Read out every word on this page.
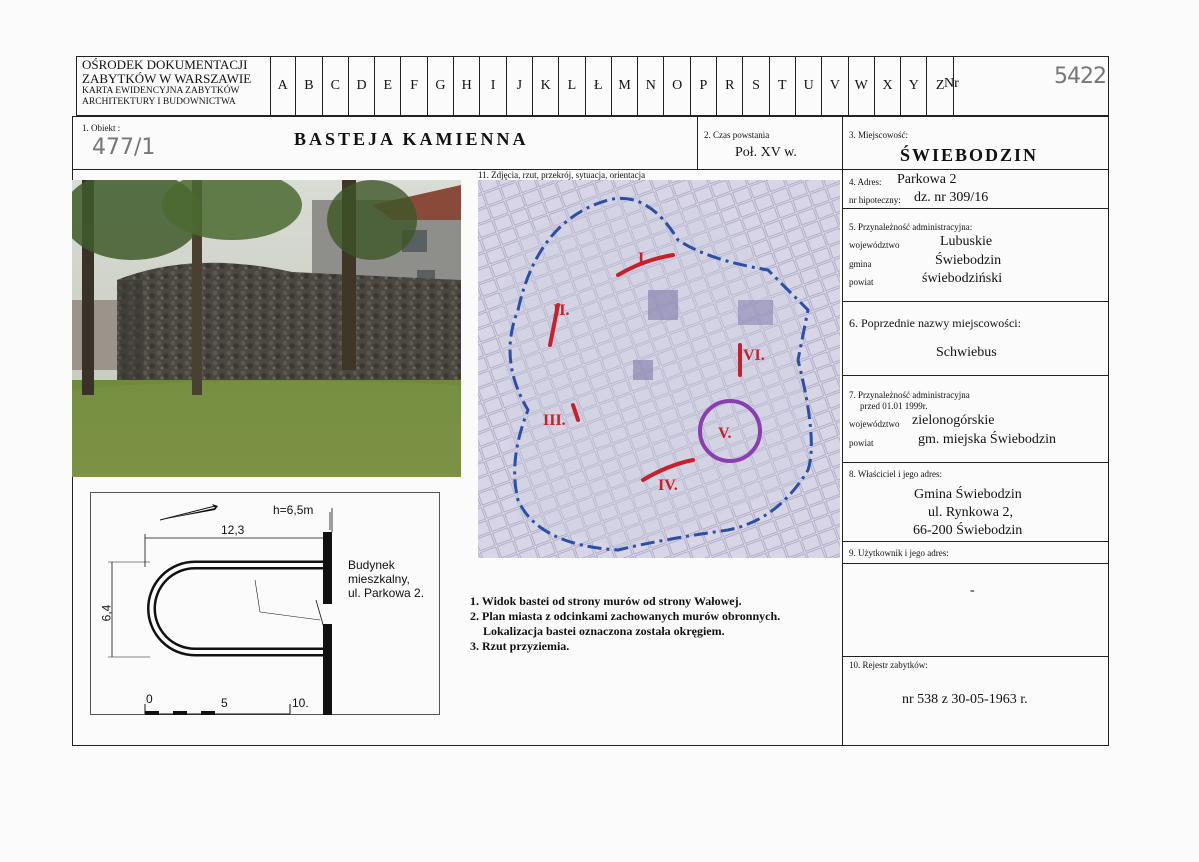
OŚRODEK DOKUMENTACJI
ZABYTKÓW W WARSZAWIE
KARTA EWIDENCYJNA ZABYTKÓW
ARCHITEKTURY I BUDOWNICTWA
A	B	C	D	E	F	G	H	I	J	K	L	Ł	M	N	O	P	R	S	T	U	V	W	X	Y	Z Nr	5422
1. Obiekt :
477/1	BASTEJA KAMIENNA	2. Czas powstania
Poł. XV w.
3. Miejscowość:
ŚWIEBODZIN
11. Zdjęcia, rzut, przekrój, sytuacja, orientacja
4. Adres: Parkowa 2
nr hipoteczny: dz. nr 309/16
5. Przynależność administracyjna:
województwo	Lubuskie
gmina	Świebodzin
powiat	świebodziński
6. Poprzednie nazwy miejscowości:
Schwiebus
7. Przynależność administracyjna
przed 01.01 1999r.
województwo zielonogórskie
powiat	gm. miejska Świebodzin
8. Właściciel i jego adres:
Gmina Świebodzin
ul. Rynkowa 2,
66-200 Świebodzin
9. Użytkownik i jego adres:
-
10. Rejestr zabytków:
nr 538 z 30-05-1963 r.
I.
II.
III.
IV.
V.
VI.
h=6,5m
12,3
6,4
Budynek
mieszkalny,
ul. Parkowa 2.
0	5	10.
1. Widok bastei od strony murów od strony Wałowej.
2. Plan miasta z odcinkami zachowanych murów obronnych.
Lokalizacja bastei oznaczona została okręgiem.
3. Rzut przyziemia.
